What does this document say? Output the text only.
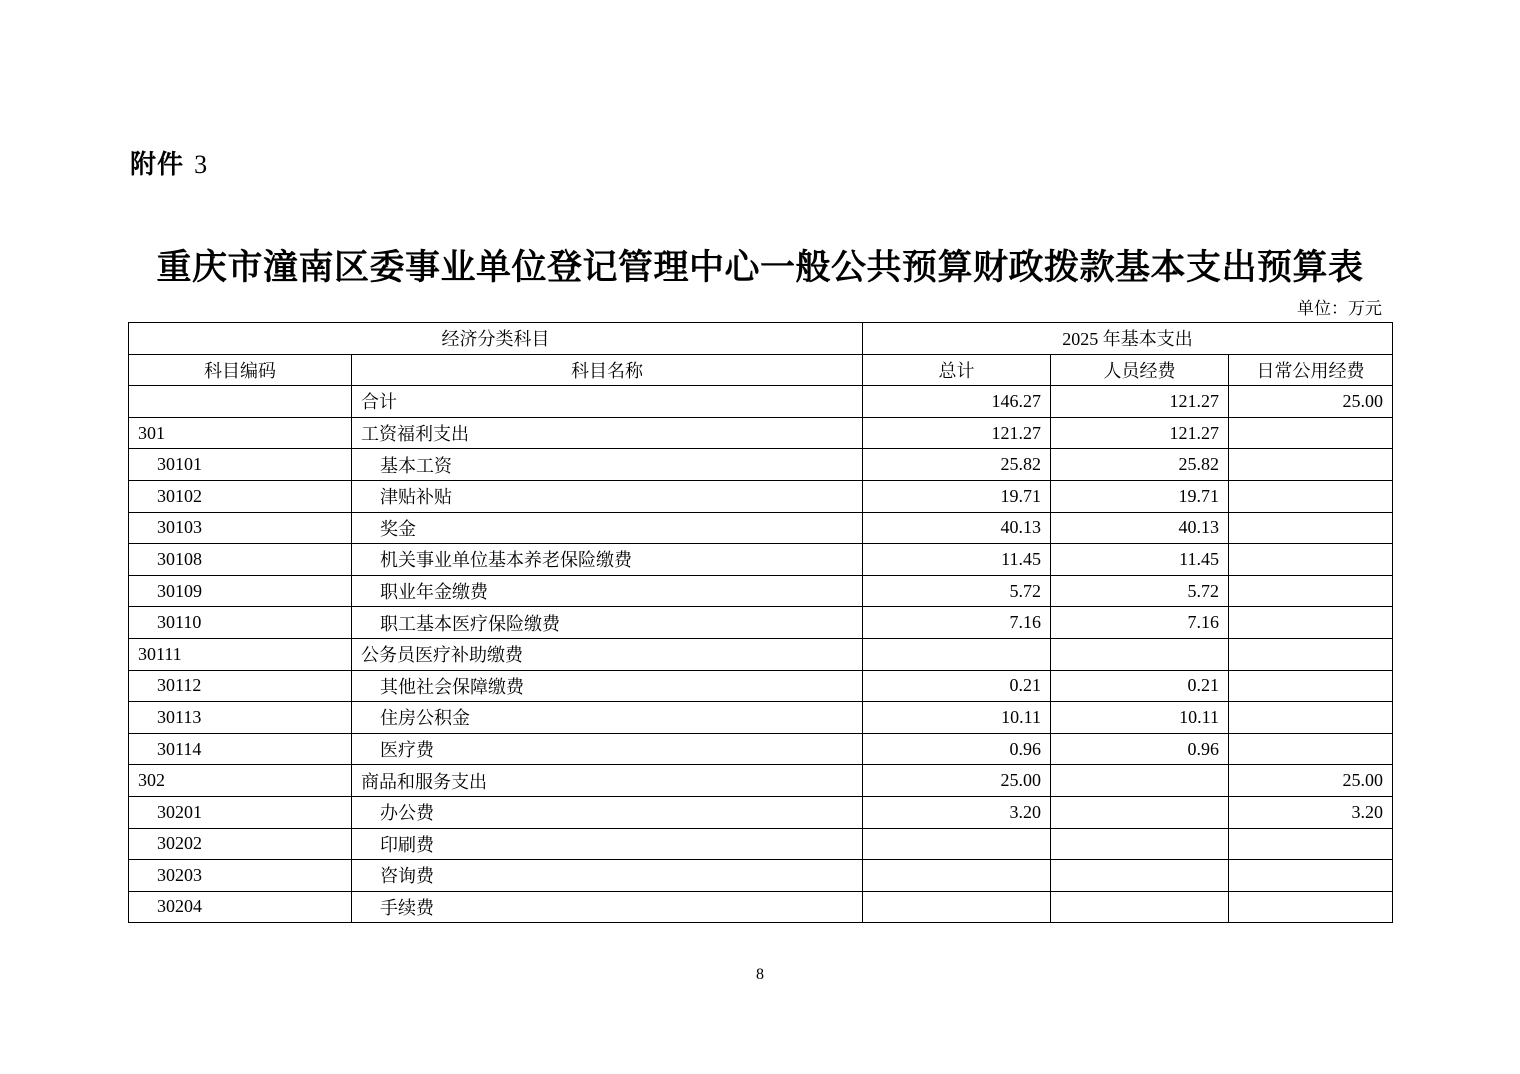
附件 3
重庆市潼南区委事业单位登记管理中心一般公共预算财政拨款基本支出预算表
单位：万元
经济分类科目		2025 年基本支出		
科目编码	科目名称	总计	人员经费	日常公用经费
	合计	146.27	121.27	25.00
301	工资福利支出	121.27	121.27	
30101	基本工资	25.82	25.82	
30102	津贴补贴	19.71	19.71	
30103	奖金	40.13	40.13	
30108	机关事业单位基本养老保险缴费	11.45	11.45	
30109	职业年金缴费	5.72	5.72	
30110	职工基本医疗保险缴费	7.16	7.16	
30111	公务员医疗补助缴费			
30112	其他社会保障缴费	0.21	0.21	
30113	住房公积金	10.11	10.11	
30114	医疗费	0.96	0.96	
302	商品和服务支出	25.00		25.00
30201	办公费	3.20		3.20
30202	印刷费			
30203	咨询费			
30204	手续费			
8
